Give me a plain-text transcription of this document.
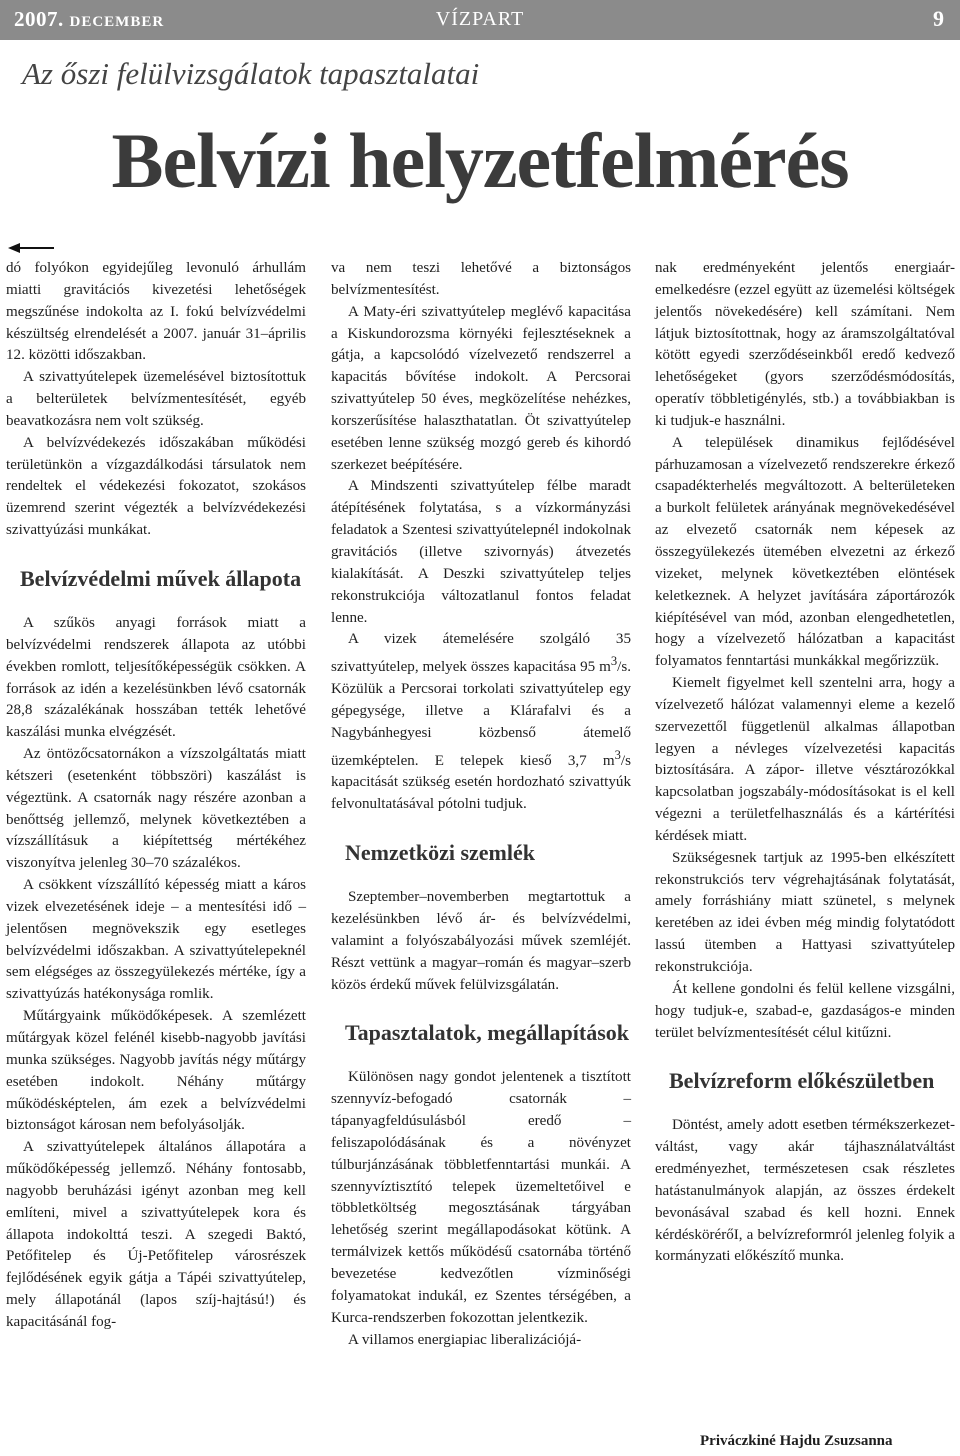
2007. DECEMBER	VÍZPART	9
Az őszi felülvizsgálatok tapasztalatai
Belvízi helyzetfelmérés

dó folyókon egyidejűleg levonuló árhullám miatti gravitációs kivezetési lehetőségek megszűnése indokolta az I. fokú belvízvédelmi készültség elrendelését a 2007. január 31–április 12. közötti időszakban.

A szivattyútelepek üzemelésével biztosítottuk a belterületek belvízmentesítését, egyéb beavatkozásra nem volt szükség.

A belvízvédekezés időszakában működési területünkön a vízgazdálkodási társulatok nem rendeltek el védekezési fokozatot, szokásos üzemrend szerint végezték a belvízvédekezési szivattyúzási munkákat.

Belvízvédelmi művek állapota

A szűkös anyagi források miatt a belvízvédelmi rendszerek állapota az utóbbi években romlott, teljesítőképességük csökken. A források az idén a kezelésünkben lévő csatornák 28,8 százalékának hosszában tették lehetővé kaszálási munka elvégzését.

Az öntözőcsatornákon a vízszolgáltatás miatt kétszeri (esetenként többszöri) kaszálást is végeztünk. A csatornák nagy részére azonban a benőttség jellemző, melynek következtében a vízszállításuk a kiépítettség mértékéhez viszonyítva jelenleg 30–70 százalékos.

A csökkent vízszállító képesség miatt a káros vizek elvezetésének ideje – a mentesítési idő – jelentősen megnövekszik egy esetleges belvízvédelmi időszakban. A szivattyútelepeknél sem elégséges az összegyülekezés mértéke, így a szivattyúzás hatékonysága romlik.

Műtárgyaink működőképesek. A szemlézett műtárgyak közel felénél kisebb-nagyobb javítási munka szükséges. Nagyobb javítás négy műtárgy esetében indokolt. Néhány műtárgy működésképtelen, ám ezek a belvízvédelmi biztonságot károsan nem befolyásolják.

A szivattyútelepek általános állapotára a működőképesség jellemző. Néhány fontosabb, nagyobb beruházási igényt azonban meg kell említeni, mivel a szivattyútelepek kora és állapota indokolttá teszi. A szegedi Baktó, Petőfitelep és Új-Petőfitelep városrészek fejlődésének egyik gátja a Tápéi szivattyútelep, mely állapotánál (lapos szíj-hajtású!) és kapacitásánál fog-

va nem teszi lehetővé a biztonságos belvízmentesítést.

A Maty-éri szivattyútelep meglévő kapacitása a Kiskundorozsma környéki fejlesztéseknek a gátja, a kapcsolódó vízelvezető rendszerrel a kapacitás bővítése indokolt. A Percsorai szivattyútelep 50 éves, megközelítése nehézkes, korszerűsítése halaszthatatlan. Öt szivattyútelep esetében lenne szükség mozgó gereb és kihordó szerkezet beépítésére.

A Mindszenti szivattyútelep félbe maradt átépítésének folytatása, s a vízkormányzási feladatok a Szentesi szivattyútelepnél indokolnak gravitációs (illetve szivornyás) átvezetés kialakítását. A Deszki szivattyútelep teljes rekonstrukciója változatlanul fontos feladat lenne.

A vizek átemelésére szolgáló 35 szivattyútelep, melyek összes kapacitása 95 $m^3/s$. Közülük a Percsorai torkolati szivattyútelep egy gépegysége, illetve a Klárafalvi és a Nagybánhegyesi közbenső átemelő üzemképtelen. E telepek kieső 3,7 $m^3/s$ kapacitását szükség esetén hordozható szivattyúk felvonultatásával pótolni tudjuk.

Nemzetközi szemlék

Szeptember–novemberben megtartottuk a kezelésünkben lévő ár- és belvízvédelmi, valamint a folyószabályozási művek szemléjét. Részt vettünk a magyar–román és magyar–szerb közös érdekű művek felülvizsgálatán.

Tapasztalatok, megállapítások

Különösen nagy gondot jelentenek a tisztított szennyvíz-befogadó csatornák – tápanyagfeldúsulásból eredő – feliszapolódásának és a növényzet túlburjánzásának többletfenntartási munkái. A szennyvíztisztító telepek üzemeltetőivel e többletköltség megosztásának tárgyában lehetőség szerint megállapodásokat kötünk. A termálvizek kettős működésű csatornába történő bevezetése kedvezőtlen vízminőségi folyamatokat indukál, ez Szentes térségében, a Kurca-rendszerben fokozottan jelentkezik.

A villamos energiapiac liberalizációjá-

nak eredményeként jelentős energiaár-emelkedésre (ezzel együtt az üzemelési költségek jelentős növekedésére) kell számítani. Nem látjuk biztosítottnak, hogy az áramszolgáltatóval kötött egyedi szerződéseinkből eredő kedvező lehetőségeket (gyors szerződésmódosítás, operatív többletigénylés, stb.) a továbbiakban is ki tudjuk-e használni.

A települések dinamikus fejlődésével párhuzamosan a vízelvezető rendszerekre érkező csapadékterhelés megváltozott. A belterületeken a burkolt felületek arányának megnövekedésével az elvezető csatornák nem képesek az összegyülekezés ütemében elvezetni az érkező vizeket, melynek következtében elöntések keletkeznek. A helyzet javítására záportározók kiépítésével van mód, azonban elengedhetetlen, hogy a vízelvezető hálózatban a kapacitást folyamatos fenntartási munkákkal megőrizzük.

Kiemelt figyelmet kell szentelni arra, hogy a vízelvezető hálózat valamennyi eleme a kezelő szervezettől függetlenül alkalmas állapotban legyen a névleges vízelvezetési kapacitás biztosítására. A zápor- illetve vésztározókkal kapcsolatban jogszabály-módosításokat is el kell végezni a területfelhasználás és a kártérítési kérdések miatt.

Szükségesnek tartjuk az 1995-ben elkészített rekonstrukciós terv végrehajtásának folytatását, amely forráshiány miatt szünetel, s melynek keretében az idei évben még mindig folytatódott lassú ütemben a Hattyasi szivattyútelep rekonstrukciója.

Át kellene gondolni és felül kellene vizsgálni, hogy tudjuk-e, szabad-e, gazdaságos-e minden terület belvízmentesítését célul kitűzni.

Belvízreform előkészületben

Döntést, amely adott esetben térmékszerkezet-váltást, vagy akár tájhasználatváltást eredményezhet, természetesen csak részletes hatástanulmányok alapján, az összes érdekelt bevonásával szabad és kell hozni. Ennek kérdéskörérőI, a belvízreformról jelenleg folyik a kormányzati előkészítő munka.

Priváczkiné Hajdu Zsuzsanna
